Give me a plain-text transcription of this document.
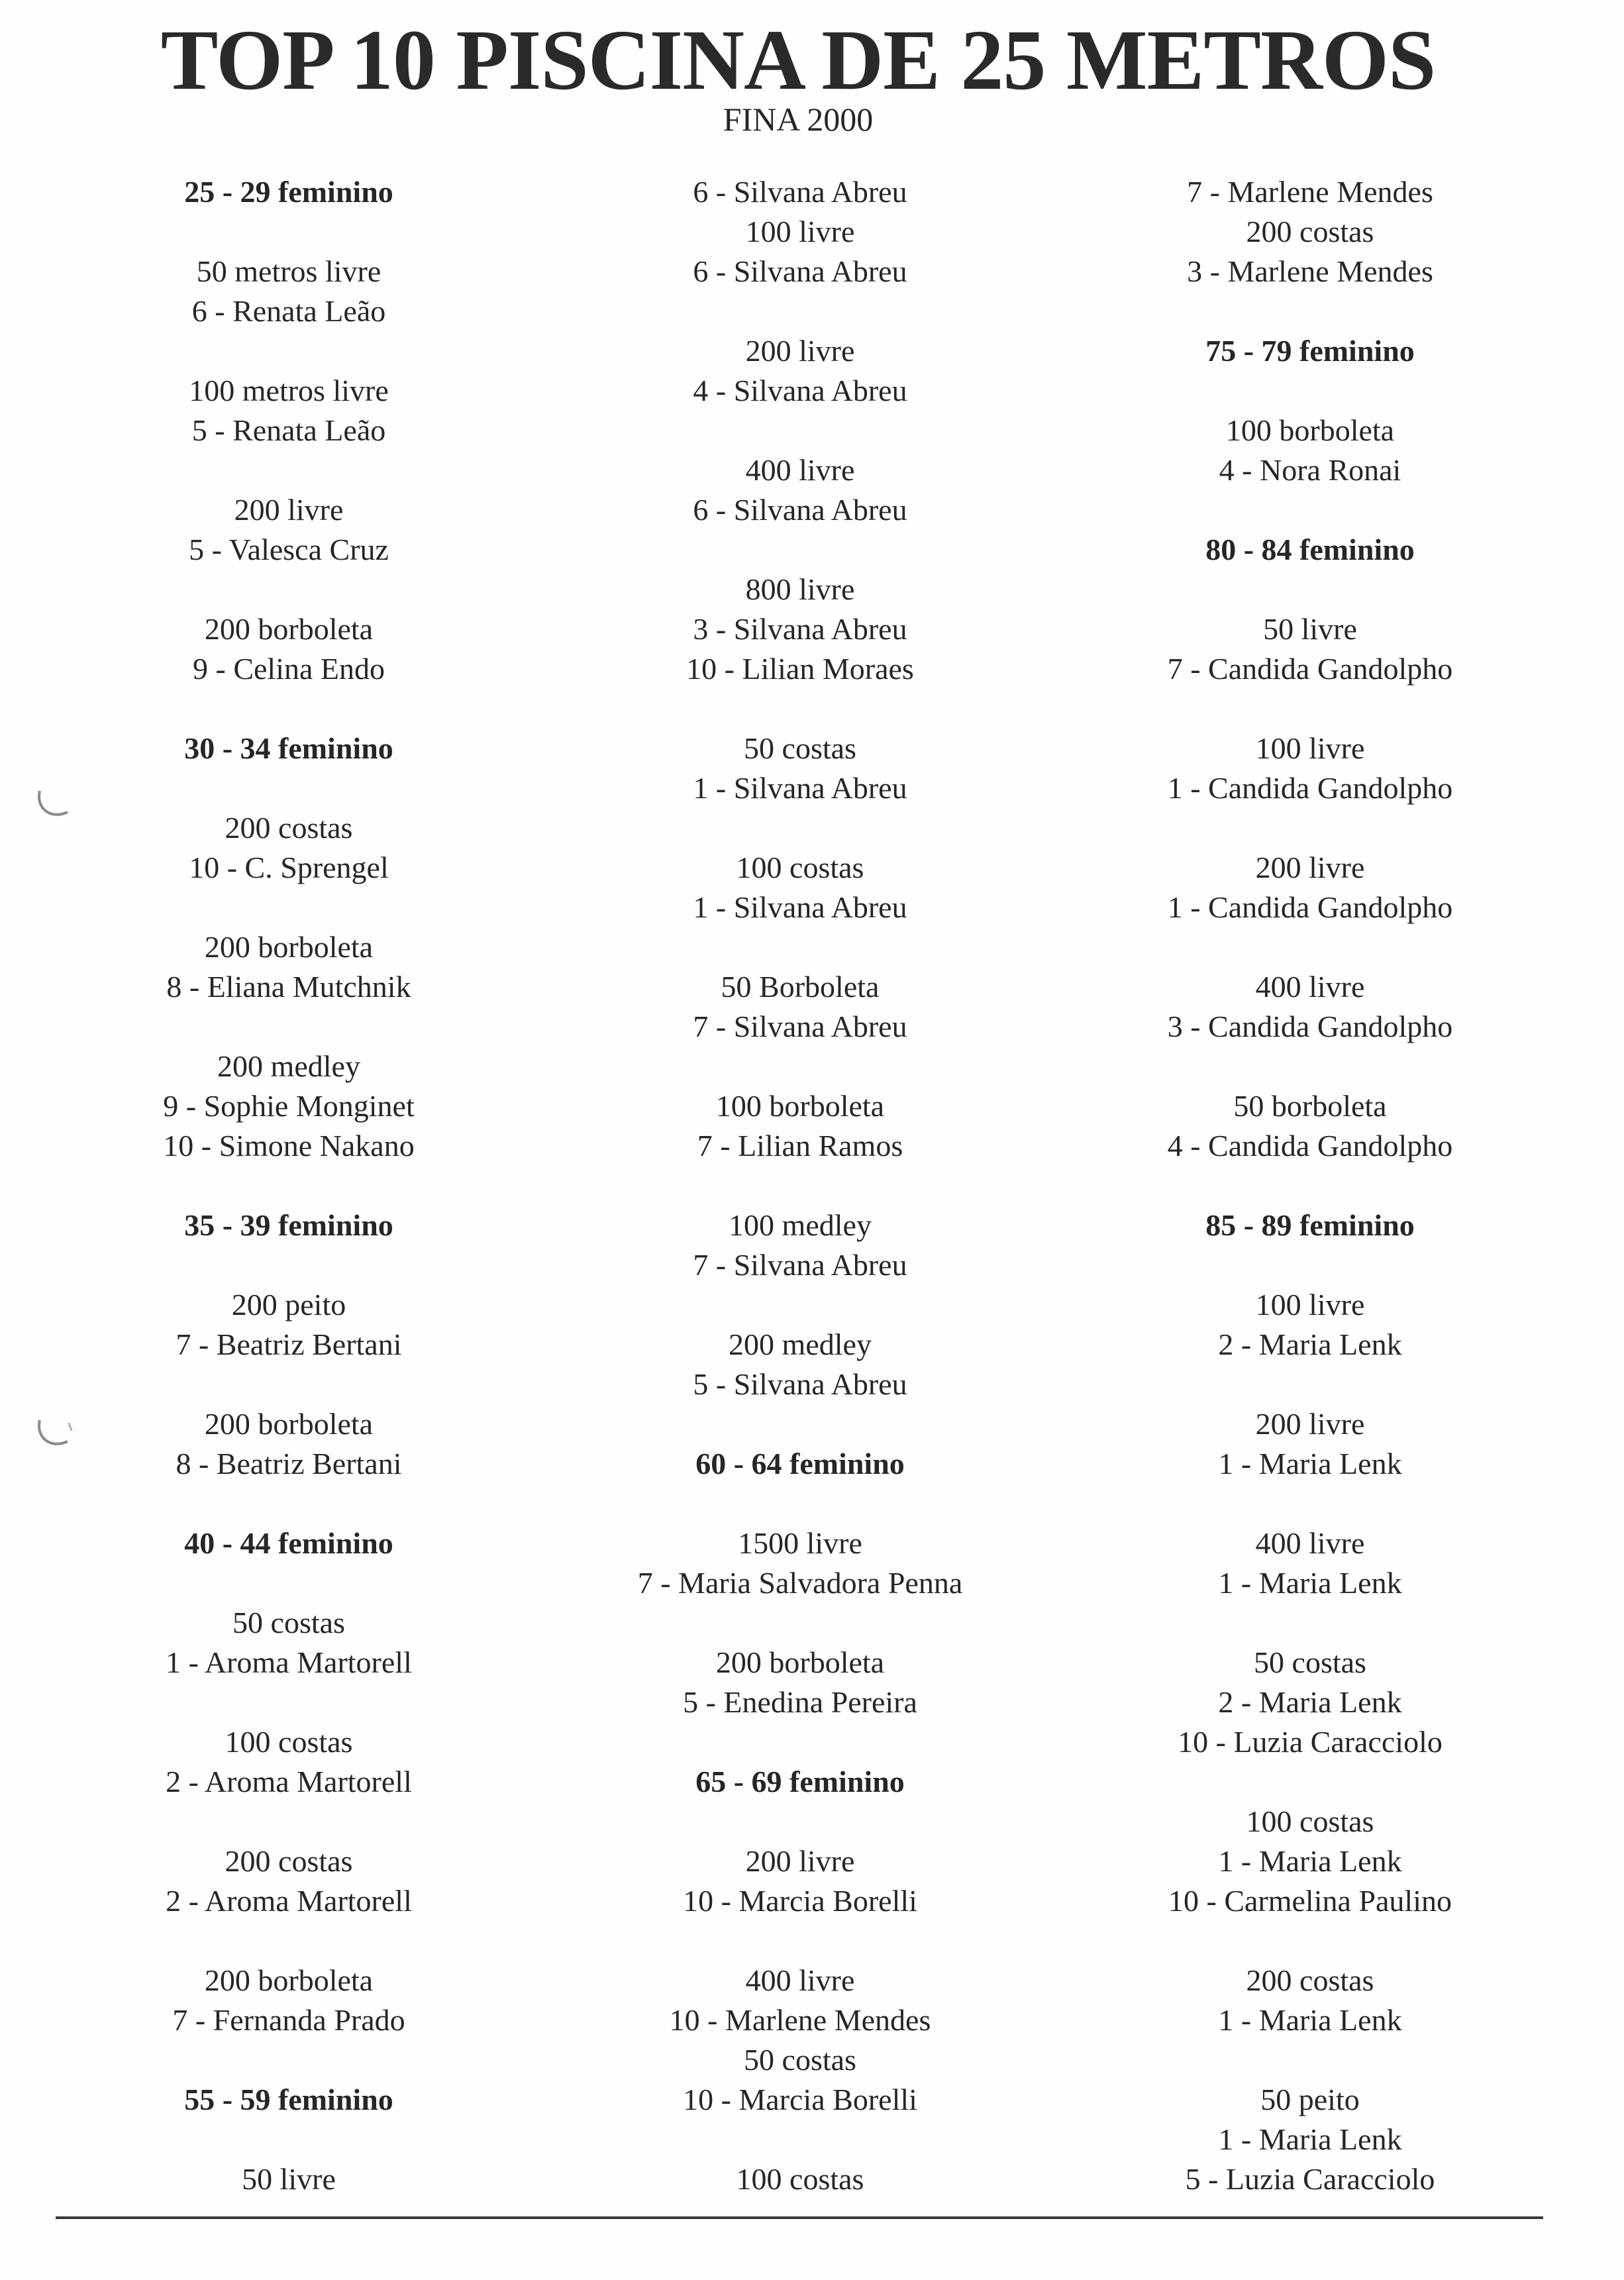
TOP 10 PISCINA DE 25 METROS
FINA 2000
25 - 29 feminino
50 metros livre
6 - Renata Leão
100 metros livre
5 - Renata Leão
200 livre
5 - Valesca Cruz
200 borboleta
9 - Celina Endo
30 - 34 feminino
200 costas
10 - C. Sprengel
200 borboleta
8 - Eliana Mutchnik
200 medley
9 - Sophie Monginet
10 - Simone Nakano
35 - 39 feminino
200 peito
7 - Beatriz Bertani
200 borboleta
8 - Beatriz Bertani
40 - 44 feminino
50 costas
1 - Aroma Martorell
100 costas
2 - Aroma Martorell
200 costas
2 - Aroma Martorell
200 borboleta
7 - Fernanda Prado
55 - 59 feminino
50 livre
6 - Silvana Abreu
100 livre
6 - Silvana Abreu
200 livre
4 - Silvana Abreu
400 livre
6 - Silvana Abreu
800 livre
3 - Silvana Abreu
10 - Lilian Moraes
50 costas
1 - Silvana Abreu
100 costas
1 - Silvana Abreu
50 Borboleta
7 - Silvana Abreu
100 borboleta
7 - Lilian Ramos
100 medley
7 - Silvana Abreu
200 medley
5 - Silvana Abreu
60 - 64 feminino
1500 livre
7 - Maria Salvadora Penna
200 borboleta
5 - Enedina Pereira
65 - 69 feminino
200 livre
10 - Marcia Borelli
400 livre
10 - Marlene Mendes
50 costas
10 - Marcia Borelli
100 costas
7 - Marlene Mendes
200 costas
3 - Marlene Mendes
75 - 79 feminino
100 borboleta
4 - Nora Ronai
80 - 84 feminino
50 livre
7 - Candida Gandolpho
100 livre
1 - Candida Gandolpho
200 livre
1 - Candida Gandolpho
400 livre
3 - Candida Gandolpho
50 borboleta
4 - Candida Gandolpho
85 - 89 feminino
100 livre
2 - Maria Lenk
200 livre
1 - Maria Lenk
400 livre
1 - Maria Lenk
50 costas
2 - Maria Lenk
10 - Luzia Caracciolo
100 costas
1 - Maria Lenk
10 - Carmelina Paulino
200 costas
1 - Maria Lenk
50 peito
1 - Maria Lenk
5 - Luzia Caracciolo
